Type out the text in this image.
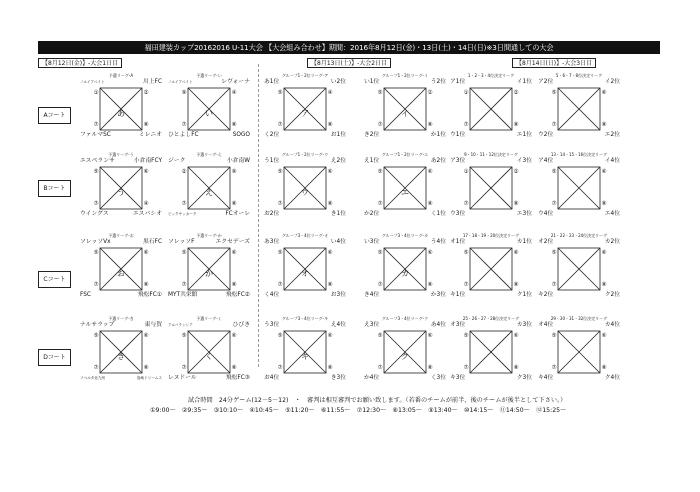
福田建装カップ20162016 U-11大会 【大会組み合わせ】期間：2016年8月12日(金)・13日(土)・14日(日)※3日間通しての大会
【8月12日(金)】-大会1日目	【8月13日(土)】-大会2日目	【8月14日(日)】-大会3日目
Aコート
Bコート
Cコート
Dコート
予選リーグ-A
ノルイアベイト	川上FC
ファルマSC	ミレニオ
①	②
⑦	⑧
あ
予選リーグ-い
ノルイアベイト	レヴォーナ
ひとよしFC	SOGO
⑨	④
⑦	⑧
い
グループ1・2位リーグ-ア
あ1位	い2位
く2位	お1位
⑤	④
⑦	⑧
ア
グループ1・2位リーグ-イ
い1位	う2位
き2位	か1位
⑤	②
⑦	⑧
イ
1・2・3・4位決定リーグ
ア1位	イ1位
ウ1位	エ1位
①	②
⑦	⑧
5・6・7・8位決定リーグ
ア2位	イ2位
ウ2位	エ2位
⑤	⑥
⑦	⑧
予選リーグ-う
エスペランサ	小倉南FCY
ウイングス	エスパシオ
⑤	⑥
⑦	④
う
予選リーグ-え
ジーク	小倉南W
ピックサッカーク	FCオーレ
②	⑨
⑦	⑧
え
グループ1・2位リーグ-ウ
う1位	え2位
お2位	き1位
⑤	⑥
⑦	⑧
ウ
グループ1・2位リーグ-エ
え1位	あ2位
か2位	く1位
⑤	⑥
⑦	⑧
エ
9・10・11・12位決定リーグ
ア3位	イ3位
ウ3位	エ3位
①	②
⑦	⑧
13・14・15・16位決定リーグ
ア4位	イ4位
ウ4位	エ4位
⑤	⑥
⑦	⑧
予選リーグ-お
ソレッソVx	黒石FC
FSC	飛松FC①
⑤	⑥
⑦	⑧
お
予選リーグ-か
ソレッソF	エクセデーズ
MYT共栄館	飛松FC②
⑤	⑥
⑦	⑧
か
グループ3・4位リーグ-オ
あ3位	い4位
く4位	お3位
⑤	⑥
⑦	⑧
オ
グループ3・4位リーグ-カ
い3位	う4位
き4位	か3位
⑤	⑥
⑦	⑧
カ
17・18・19・20位決定リーグ
オ1位	カ1位
キ1位	ク1位
⑤	⑥
⑦	⑧
21・22・23・24位決定リーグ
オ2位	カ2位
キ2位	ク2位
⑤	⑥
⑦	⑧
予選リーグ-き
ナルサラップ	東与賀
ソベルタ北九州	島崎ドリームス
⑤	⑥
⑦	⑧
き
予選リーグ-く
アルバランシア	ひびき
レヌドール	飛松FC③
⑤	⑥
⑦	⑧
く
グループ3・4位リーグ-キ
う3位	え4位
お4位	き3位
⑤	⑥
⑦	⑧
キ
グループ3・4位リーグ-ク
え3位	あ4位
か4位	く3位
⑤	⑥
⑦	⑧
ク
25・26・27・28位決定リーグ
オ3位	カ3位
キ3位	ク3位
⑤	⑥
⑦	⑧
29・30・31・32位決定リーグ
オ4位	カ4位
キ4位	ク4位
⑤	⑥
⑦	⑧
試合時間　24分ゲーム(12－5－12)　・　審判は相互審判でお願い致します。（若番のチームが前半、後のチームが後半として下さい。）
①9:00～　②9:35～　③10:10～　④10:45～　⑤11:20～　⑥11:55～　⑦12:30～　⑧13:05～　⑨13:40～　⑩14:15～　⑪14:50～　⑫15:25～
